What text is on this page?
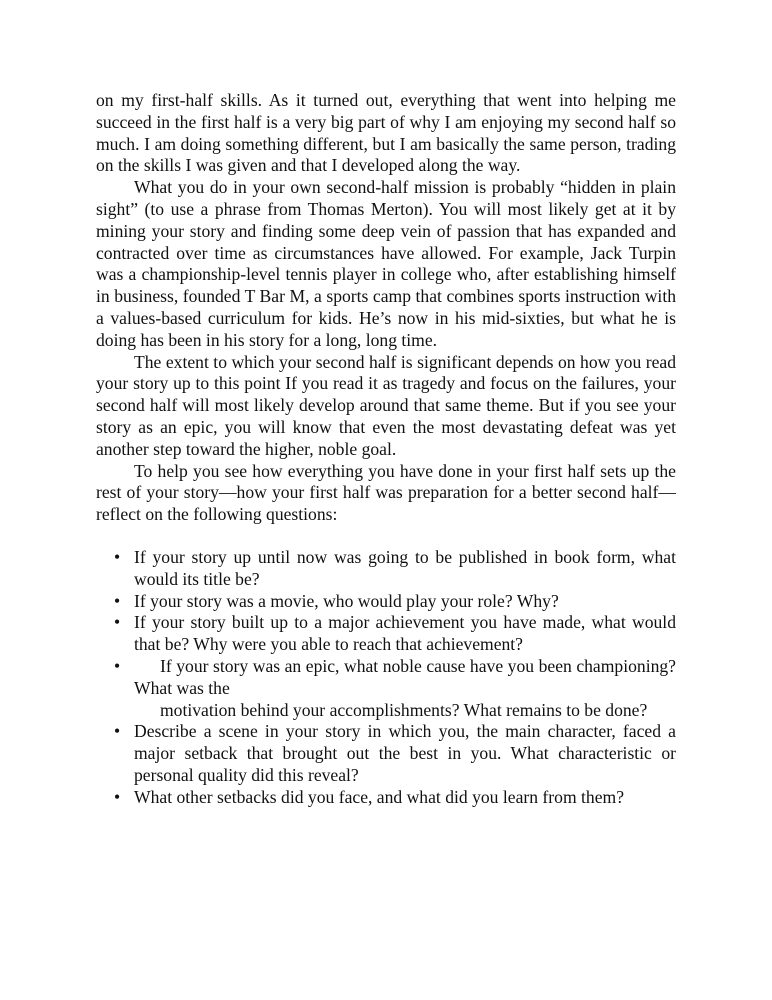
on my first-half skills. As it turned out, everything that went into helping me succeed in the first half is a very big part of why I am enjoying my second half so much. I am doing something different, but I am basically the same person, trading on the skills I was given and that I developed along the way.

What you do in your own second-half mission is probably “hidden in plain sight” (to use a phrase from Thomas Merton). You will most likely get at it by mining your story and finding some deep vein of passion that has expanded and contracted over time as circumstances have allowed. For example, Jack Turpin was a championship-level tennis player in college who, after establishing himself in business, founded T Bar M, a sports camp that combines sports instruction with a values-based curriculum for kids. He’s now in his mid-sixties, but what he is doing has been in his story for a long, long time.

The extent to which your second half is significant depends on how you read your story up to this point If you read it as tragedy and focus on the failures, your second half will most likely develop around that same theme. But if you see your story as an epic, you will know that even the most devastating defeat was yet another step toward the higher, noble goal.

To help you see how everything you have done in your first half sets up the rest of your story—how your first half was preparation for a better second half—reflect on the following questions:

• If your story up until now was going to be published in book form, what would its title be?
• If your story was a movie, who would play your role? Why?
• If your story built up to a major achievement you have made, what would that be? Why were you able to reach that achievement?
•	If your story was an epic, what noble cause have you been championing? What was the
motivation behind your accomplishments? What remains to be done?
• Describe a scene in your story in which you, the main character, faced a major setback that brought out the best in you. What characteristic or personal quality did this reveal?
• What other setbacks did you face, and what did you learn from them?
